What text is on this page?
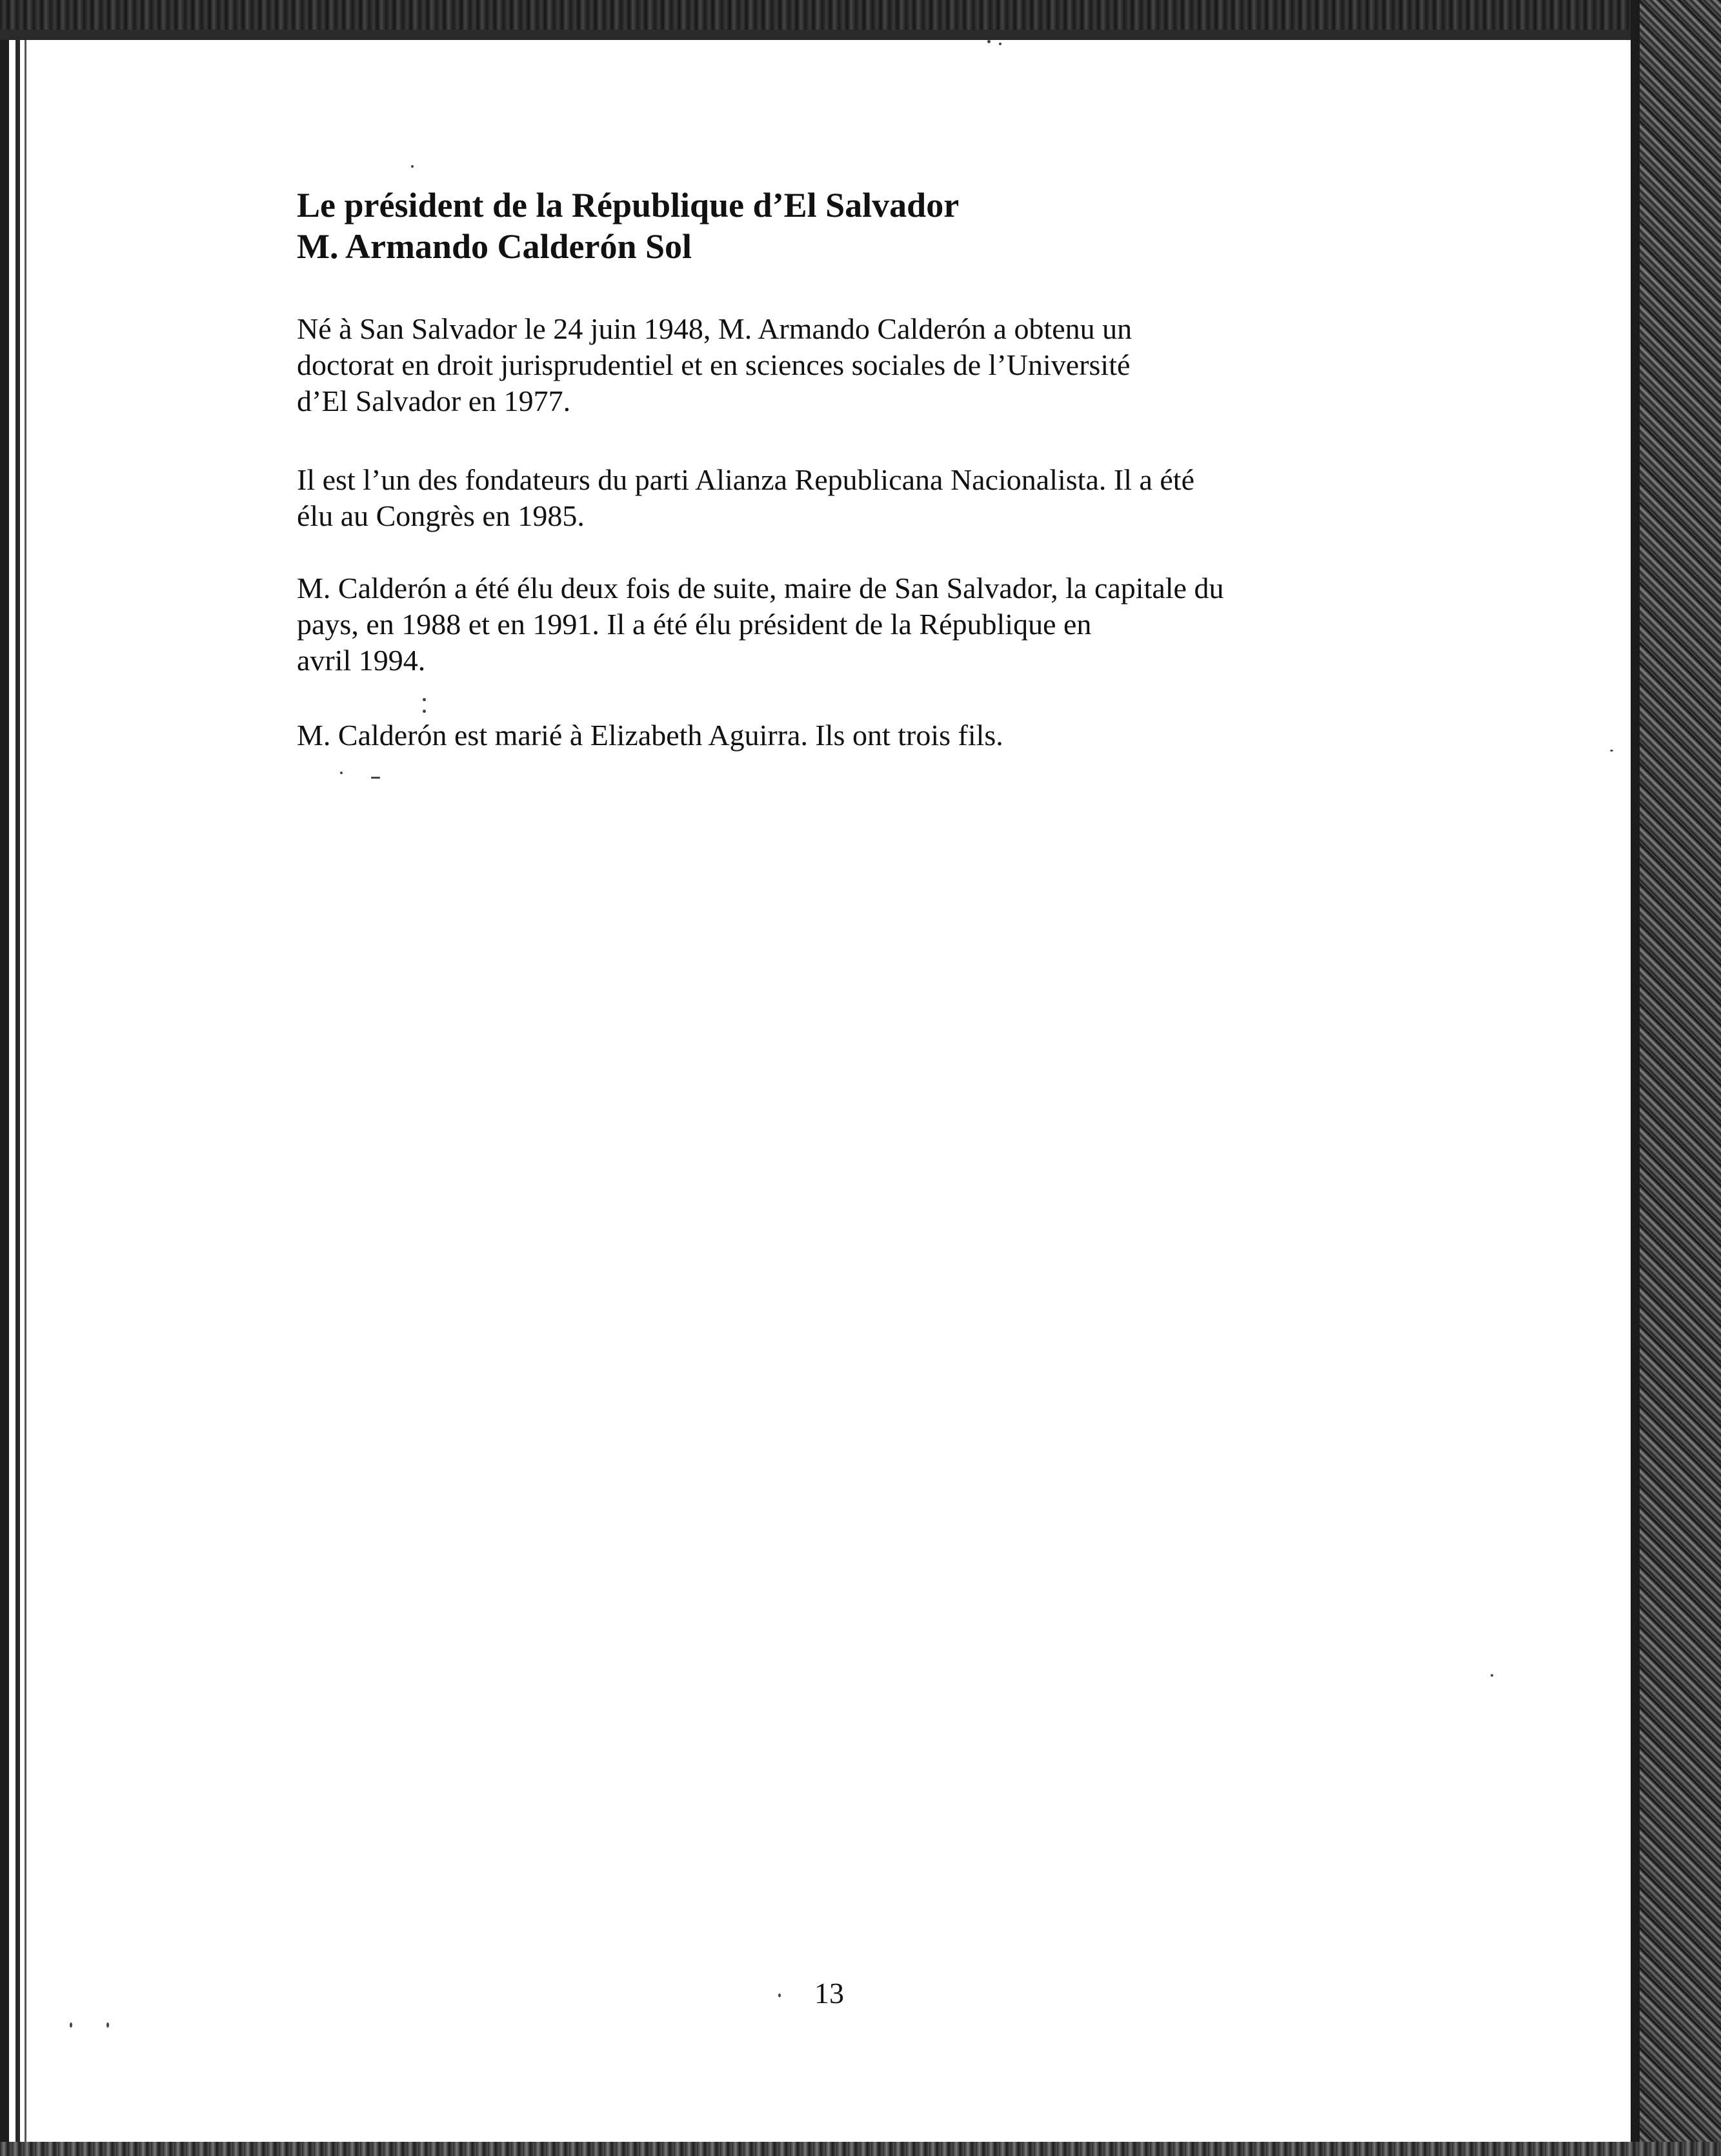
Le président de la République d’El Salvador
M. Armando Calderón Sol
Né à San Salvador le 24 juin 1948, M. Armando Calderón a obtenu un
doctorat en droit jurisprudentiel et en sciences sociales de l’Université
d’El Salvador en 1977.
Il est l’un des fondateurs du parti Alianza Republicana Nacionalista. Il a été
élu au Congrès en 1985.
M. Calderón a été élu deux fois de suite, maire de San Salvador, la capitale du
pays, en 1988 et en 1991. Il a été élu président de la République en
avril 1994.
M. Calderón est marié à Elizabeth Aguirra. Ils ont trois fils.
13
